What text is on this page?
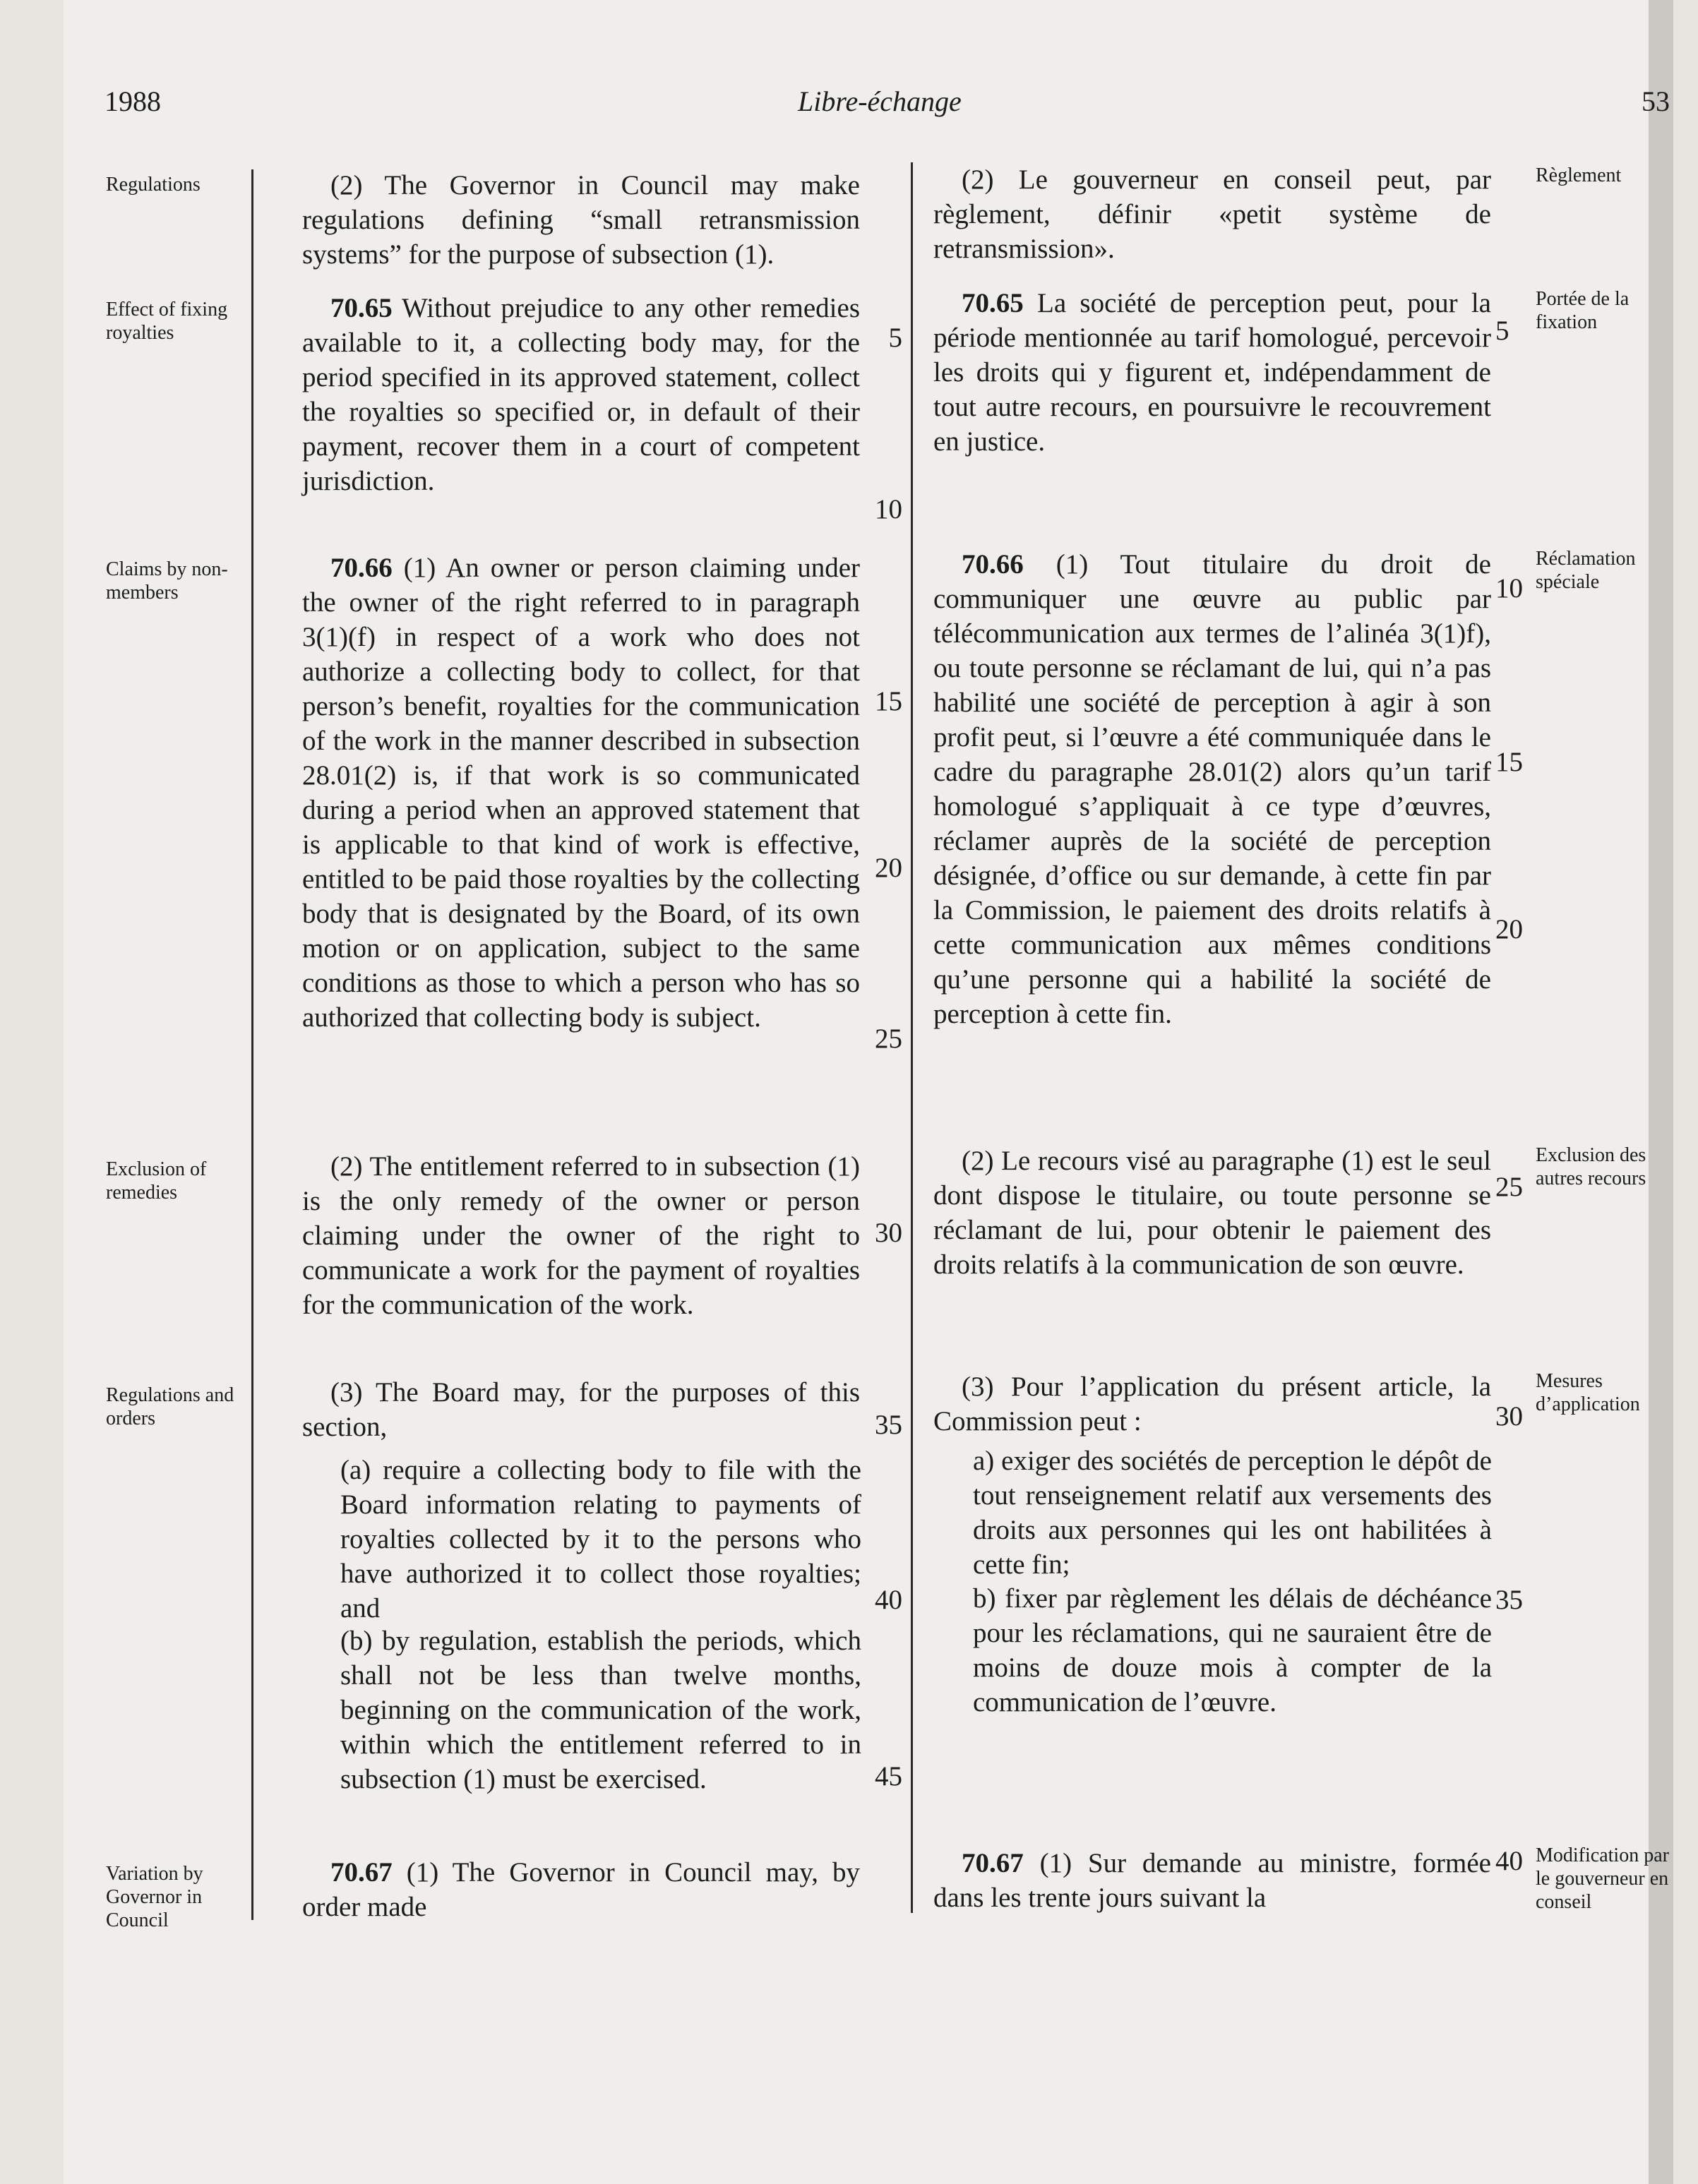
1988	Libre-échange	53
Regulations
Effect of fixing royalties
Claims by non-members
Exclusion of remedies
Regulations and orders
Variation by Governor in Council
(2) The Governor in Council may make regulations defining “small retransmission systems” for the purpose of subsection (1).
70.65 Without prejudice to any other remedies available to it, a collecting body may, for the period specified in its approved statement, collect the royalties so specified or, in default of their payment, recover them in a court of competent jurisdiction.
70.66 (1) An owner or person claiming under the owner of the right referred to in paragraph 3(1)(f) in respect of a work who does not authorize a collecting body to collect, for that person’s benefit, royalties for the communication of the work in the manner described in subsection 28.01(2) is, if that work is so communicated during a period when an approved statement that is applicable to that kind of work is effective, entitled to be paid those royalties by the collecting body that is designated by the Board, of its own motion or on application, subject to the same conditions as those to which a person who has so authorized that collecting body is subject.
(2) The entitlement referred to in subsection (1) is the only remedy of the owner or person claiming under the owner of the right to communicate a work for the payment of royalties for the communication of the work.
(3) The Board may, for the purposes of this section,
(a) require a collecting body to file with the Board information relating to payments of royalties collected by it to the persons who have authorized it to collect those royalties; and
(b) by regulation, establish the periods, which shall not be less than twelve months, beginning on the communication of the work, within which the entitlement referred to in subsection (1) must be exercised.
70.67 (1) The Governor in Council may, by order made
5
10
15
20
25
30
35
40
45
(2) Le gouverneur en conseil peut, par règlement, définir «petit système de retransmission».
70.65 La société de perception peut, pour la période mentionnée au tarif homologué, percevoir les droits qui y figurent et, indépendamment de tout autre recours, en poursuivre le recouvrement en justice.
70.66 (1) Tout titulaire du droit de communiquer une œuvre au public par télécommunication aux termes de l’alinéa 3(1)f), ou toute personne se réclamant de lui, qui n’a pas habilité une société de perception à agir à son profit peut, si l’œuvre a été communiquée dans le cadre du paragraphe 28.01(2) alors qu’un tarif homologué s’appliquait à ce type d’œuvres, réclamer auprès de la société de perception désignée, d’office ou sur demande, à cette fin par la Commission, le paiement des droits relatifs à cette communication aux mêmes conditions qu’une personne qui a habilité la société de perception à cette fin.
(2) Le recours visé au paragraphe (1) est le seul dont dispose le titulaire, ou toute personne se réclamant de lui, pour obtenir le paiement des droits relatifs à la communication de son œuvre.
(3) Pour l’application du présent article, la Commission peut :
a) exiger des sociétés de perception le dépôt de tout renseignement relatif aux versements des droits aux personnes qui les ont habilitées à cette fin;
b) fixer par règlement les délais de déchéance pour les réclamations, qui ne sauraient être de moins de douze mois à compter de la communication de l’œuvre.
70.67 (1) Sur demande au ministre, formée dans les trente jours suivant la
5
10
15
20
25
30
35
40
Règlement
Portée de la fixation
Réclamation spéciale
Exclusion des autres recours
Mesures d’application
Modification par le gouverneur en conseil
